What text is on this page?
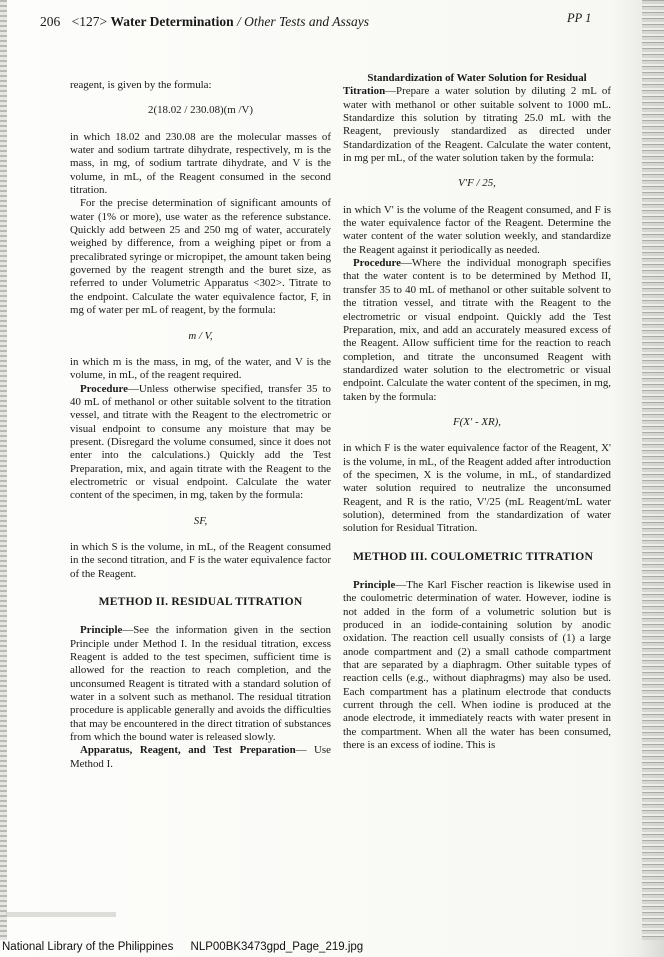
206 <127> Water Determination / Other Tests and Assays	PP 1

reagent, is given by the formula:

2(18.02 / 230.08)(m /V)

in which 18.02 and 230.08 are the molecular masses of water and sodium tartrate dihydrate, respectively, m is the mass, in mg, of sodium tartrate dihydrate, and V is the volume, in mL, of the Reagent consumed in the second titration.

For the precise determination of significant amounts of water (1% or more), use water as the reference substance. Quickly add between 25 and 250 mg of water, accurately weighed by difference, from a weighing pipet or from a precalibrated syringe or micropipet, the amount taken being governed by the reagent strength and the buret size, as referred to under Volumetric Apparatus <302>. Titrate to the endpoint. Calculate the water equivalence factor, F, in mg of water per mL of reagent, by the formula:

m / V,

in which m is the mass, in mg, of the water, and V is the volume, in mL, of the reagent required.

Procedure—Unless otherwise specified, transfer 35 to 40 mL of methanol or other suitable solvent to the titration vessel, and titrate with the Reagent to the electrometric or visual endpoint to consume any moisture that may be present. (Disregard the volume consumed, since it does not enter into the calculations.) Quickly add the Test Preparation, mix, and again titrate with the Reagent to the electrometric or visual endpoint. Calculate the water content of the specimen, in mg, taken by the formula:

SF,

in which S is the volume, in mL, of the Reagent consumed in the second titration, and F is the water equivalence factor of the Reagent.

METHOD II. RESIDUAL TITRATION

Principle—See the information given in the section Principle under Method I. In the residual titration, excess Reagent is added to the test specimen, sufficient time is allowed for the reaction to reach completion, and the unconsumed Reagent is titrated with a standard solution of water in a solvent such as methanol. The residual titration procedure is applicable generally and avoids the difficulties that may be encountered in the direct titration of substances from which the bound water is released slowly.

Apparatus, Reagent, and Test Preparation— Use Method I.

Standardization of Water Solution for Residual

Titration—Prepare a water solution by diluting 2 mL of water with methanol or other suitable solvent to 1000 mL. Standardize this solution by titrating 25.0 mL with the Reagent, previously standardized as directed under Standardization of the Reagent. Calculate the water content, in mg per mL, of the water solution taken by the formula:

V'F / 25,

in which V' is the volume of the Reagent consumed, and F is the water equivalence factor of the Reagent. Determine the water content of the water solution weekly, and standardize the Reagent against it periodically as needed.

Procedure—Where the individual monograph specifies that the water content is to be determined by Method II, transfer 35 to 40 mL of methanol or other suitable solvent to the titration vessel, and titrate with the Reagent to the electrometric or visual endpoint. Quickly add the Test Preparation, mix, and add an accurately measured excess of the Reagent. Allow sufficient time for the reaction to reach completion, and titrate the unconsumed Reagent with standardized water solution to the electrometric or visual endpoint. Calculate the water content of the specimen, in mg, taken by the formula:

F(X' - XR),

in which F is the water equivalence factor of the Reagent, X' is the volume, in mL, of the Reagent added after introduction of the specimen, X is the volume, in mL, of standardized water solution required to neutralize the unconsumed Reagent, and R is the ratio, V'/25 (mL Reagent/mL water solution), determined from the standardization of water solution for Residual Titration.

METHOD III. COULOMETRIC TITRATION

Principle—The Karl Fischer reaction is likewise used in the coulometric determination of water. However, iodine is not added in the form of a volumetric solution but is produced in an iodide-containing solution by anodic oxidation. The reaction cell usually consists of (1) a large anode compartment and (2) a small cathode compartment that are separated by a diaphragm. Other suitable types of reaction cells (e.g., without diaphragms) may also be used. Each compartment has a platinum electrode that conducts current through the cell. When iodine is produced at the anode electrode, it immediately reacts with water present in the compartment. When all the water has been consumed, there is an excess of iodine. This is

National Library of the Philippines NLP00BK3473gpd_Page_219.jpg
